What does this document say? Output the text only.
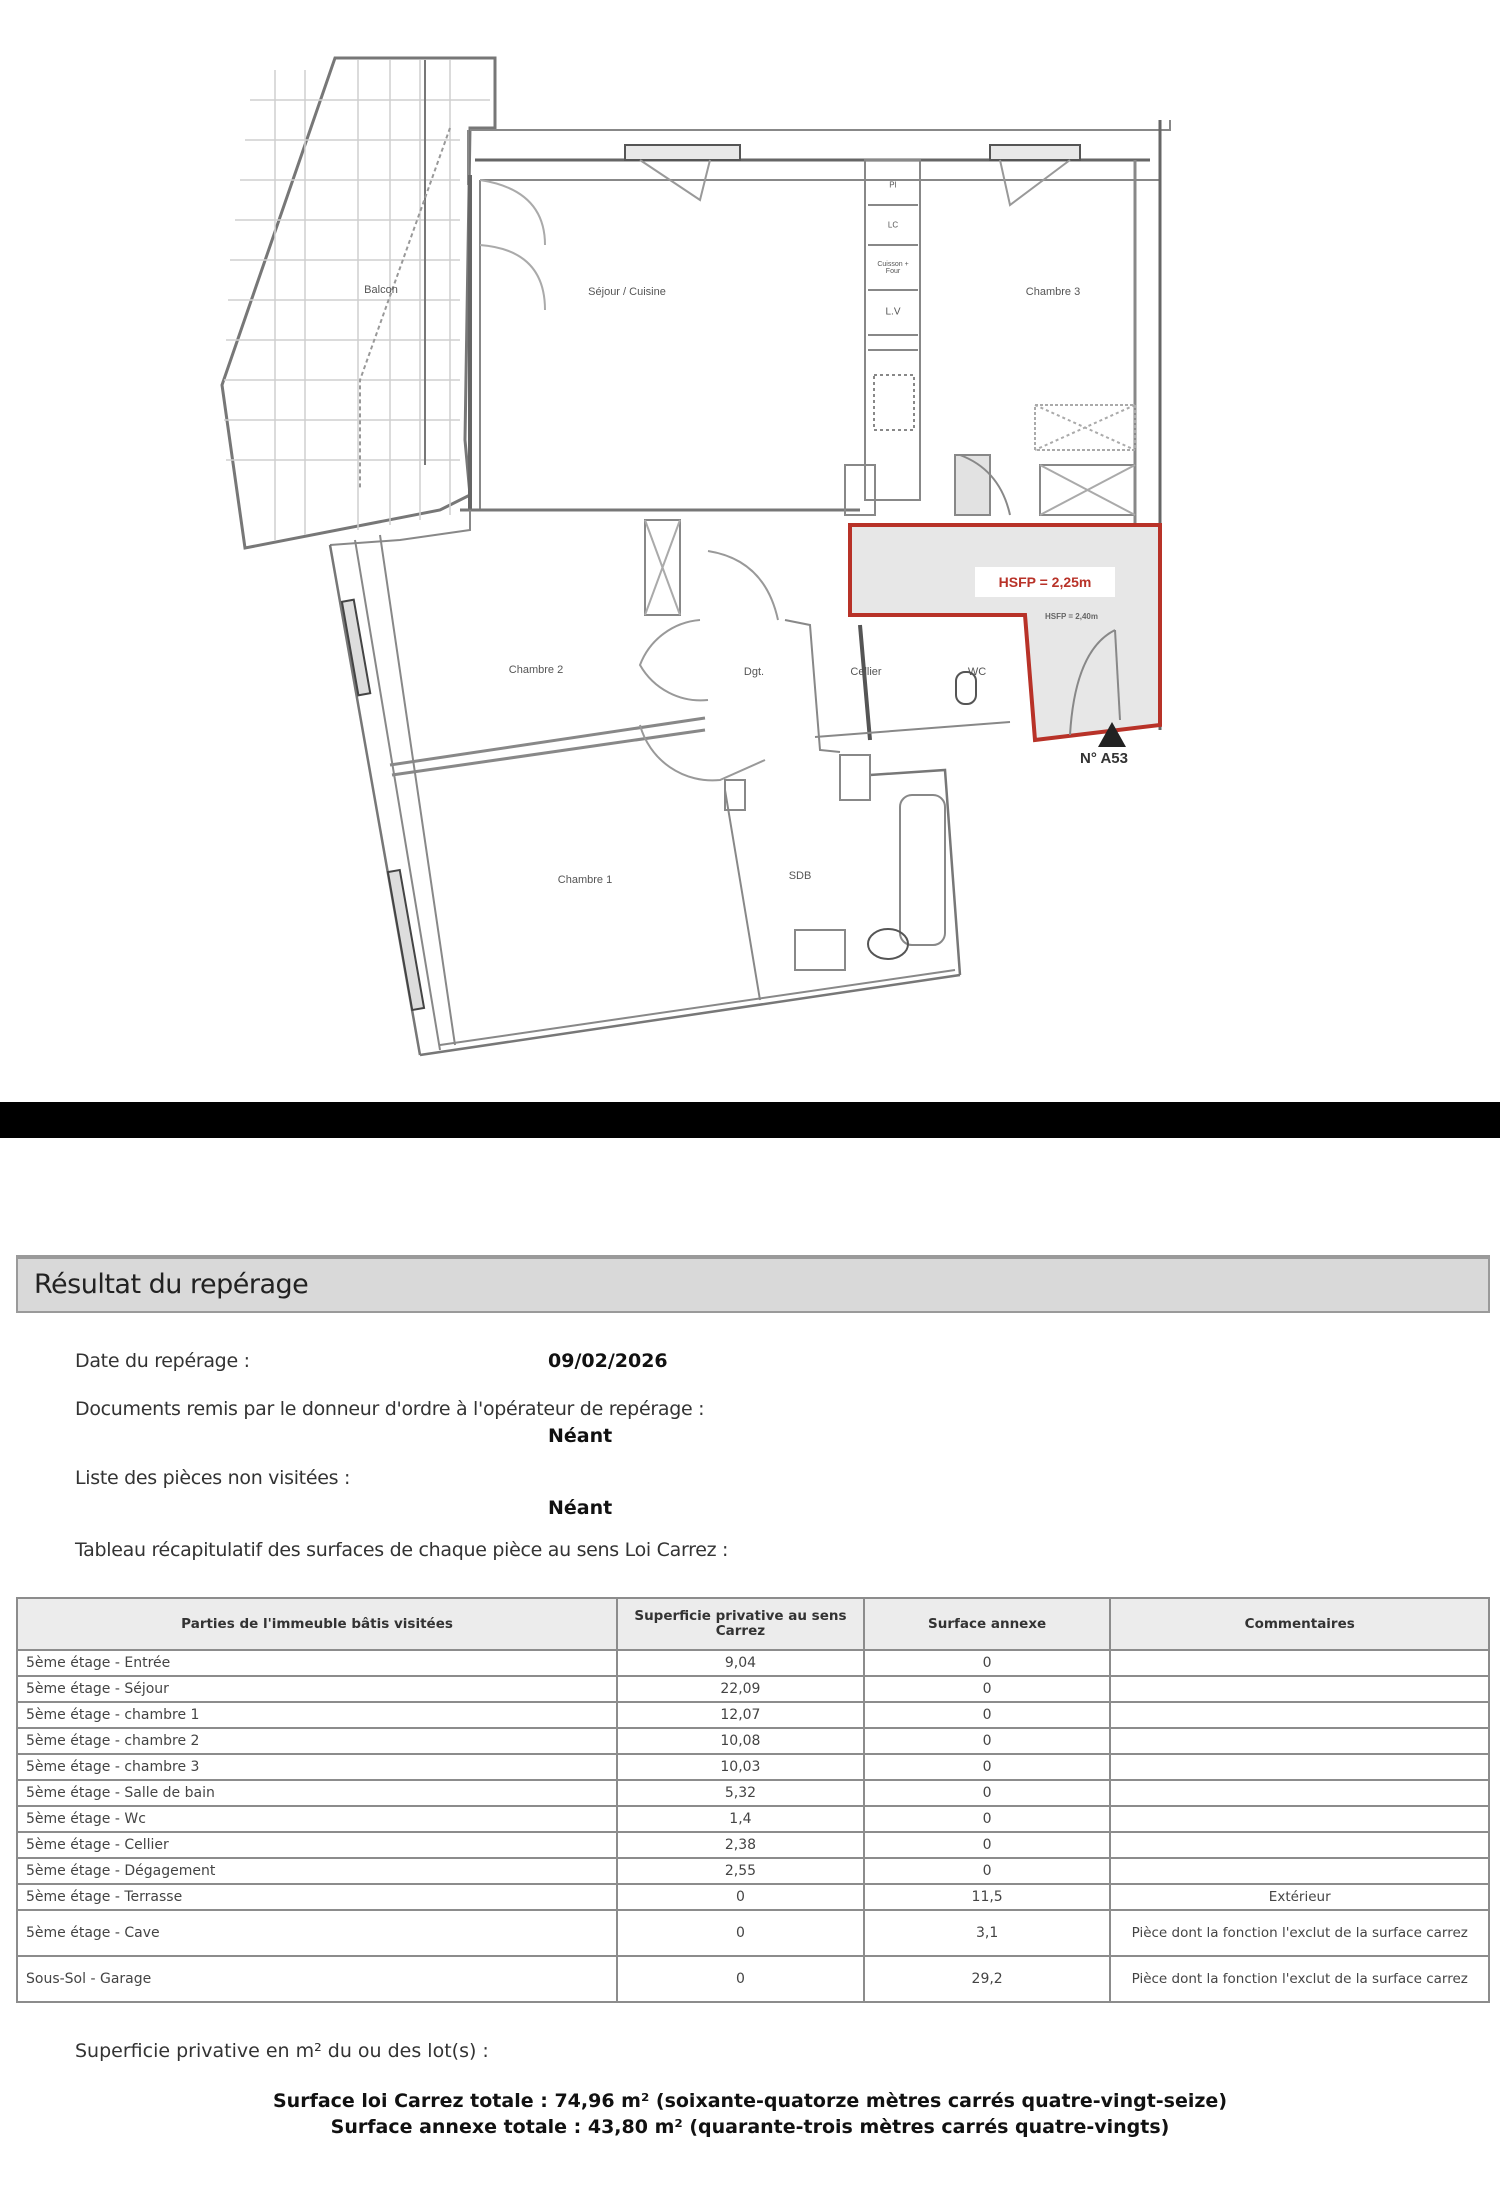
Balcon	Séjour / Cuisine	Chambre 3
Chambre 2	Dgt.	Cellier	WC
Chambre 1	SDB
PI
LC
Cuisson + Four
L.V
HSFP = 2,25m
HSFP = 2,40m
N° A53
Résultat du repérage
Date du repérage :	09/02/2026
Documents remis par le donneur d'ordre à l'opérateur de repérage :
Néant
Liste des pièces non visitées :
Néant
Tableau récapitulatif des surfaces de chaque pièce au sens Loi Carrez :
Parties de l'immeuble bâtis visitées	Superficie privative au sens Carrez	Surface annexe	Commentaires
5ème étage - Entrée	9,04	0	
5ème étage - Séjour	22,09	0	
5ème étage - chambre 1	12,07	0	
5ème étage - chambre 2	10,08	0	
5ème étage - chambre 3	10,03	0	
5ème étage - Salle de bain	5,32	0	
5ème étage - Wc	1,4	0	
5ème étage - Cellier	2,38	0	
5ème étage - Dégagement	2,55	0	
5ème étage - Terrasse	0	11,5	Extérieur
5ème étage - Cave	0	3,1	Pièce dont la fonction l'exclut de la surface carrez
Sous-Sol - Garage	0	29,2	Pièce dont la fonction l'exclut de la surface carrez
Superficie privative en m² du ou des lot(s) :
Surface loi Carrez totale : 74,96 m² (soixante-quatorze mètres carrés quatre-vingt-seize)
Surface annexe totale : 43,80 m² (quarante-trois mètres carrés quatre-vingts)
